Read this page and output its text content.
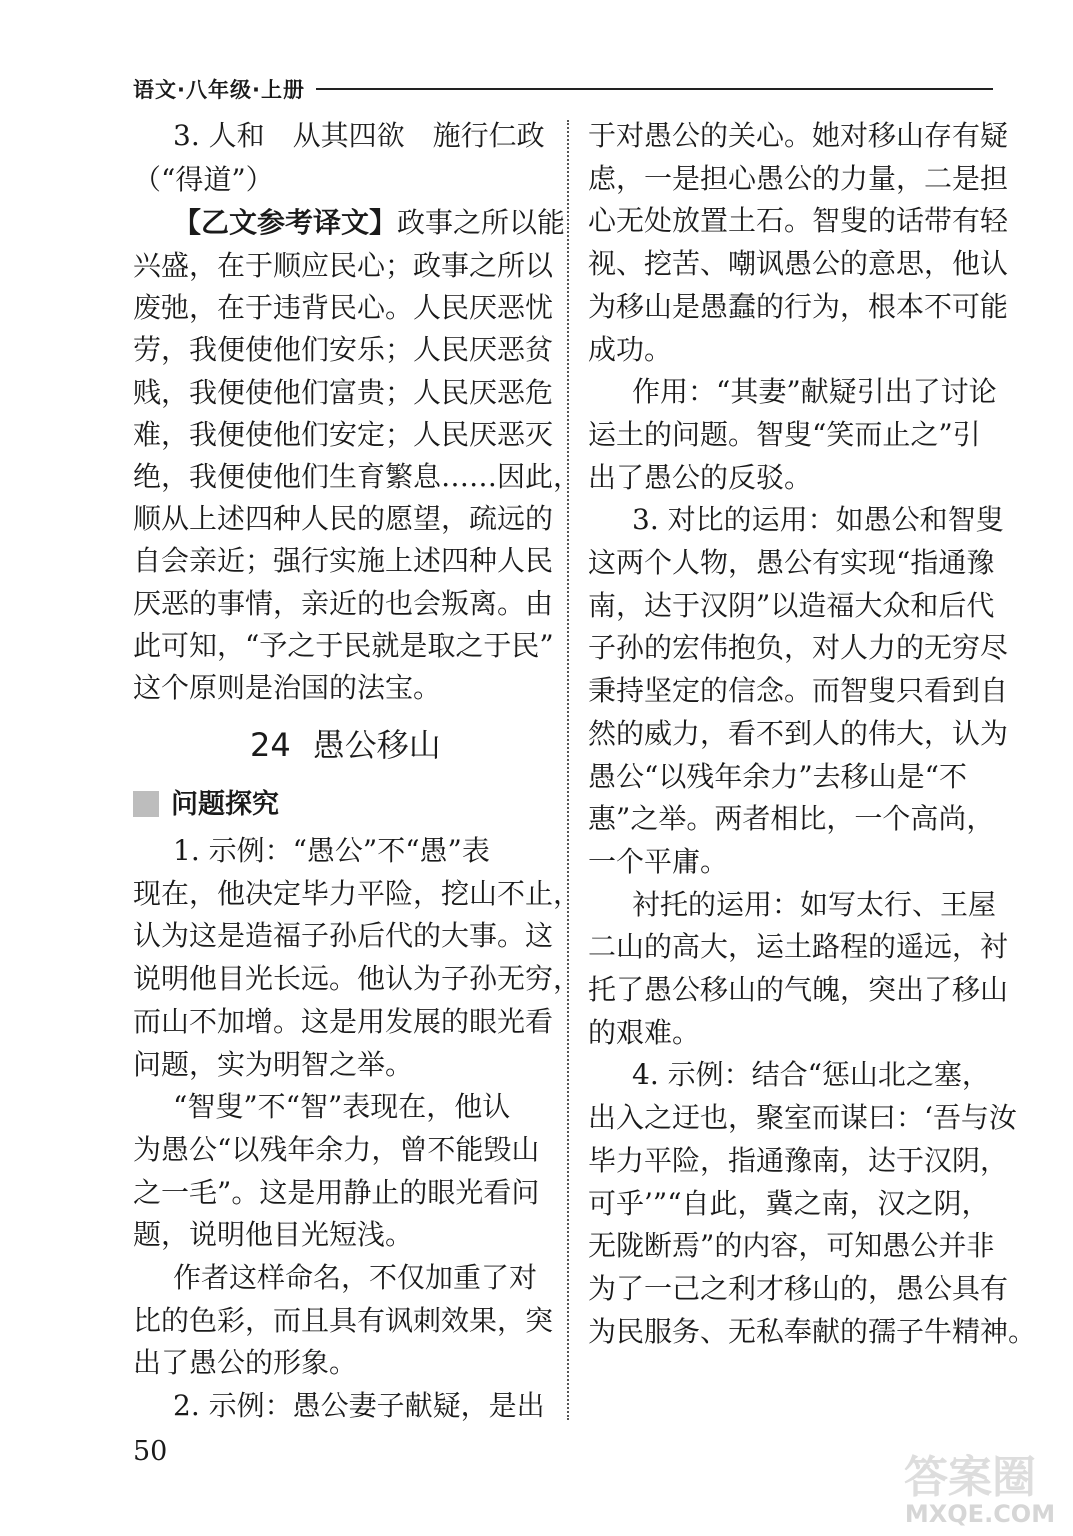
语文·八年级·上册
3. 人和　从其四欲　施行仁政
（“得道”）
【乙文参考译文】政事之所以能
兴盛，在于顺应民心；政事之所以
废弛，在于违背民心。人民厌恶忧
劳，我便使他们安乐；人民厌恶贫
贱，我便使他们富贵；人民厌恶危
难，我便使他们安定；人民厌恶灭
绝，我便使他们生育繁息……因此，
顺从上述四种人民的愿望，疏远的
自会亲近；强行实施上述四种人民
厌恶的事情，亲近的也会叛离。由
此可知，“予之于民就是取之于民”
这个原则是治国的法宝。
24 愚公移山
问题探究
1. 示例：“愚公”不“愚”表
现在，他决定毕力平险，挖山不止，
认为这是造福子孙后代的大事。这
说明他目光长远。他认为子孙无穷，
而山不加增。这是用发展的眼光看
问题，实为明智之举。
“智叟”不“智”表现在，他认
为愚公“以残年余力，曾不能毁山
之一毛”。这是用静止的眼光看问
题，说明他目光短浅。
作者这样命名，不仅加重了对
比的色彩，而且具有讽刺效果，突
出了愚公的形象。
2. 示例：愚公妻子献疑，是出
于对愚公的关心。她对移山存有疑
虑，一是担心愚公的力量，二是担
心无处放置土石。智叟的话带有轻
视、挖苦、嘲讽愚公的意思，他认
为移山是愚蠢的行为，根本不可能
成功。
作用：“其妻”献疑引出了讨论
运土的问题。智叟“笑而止之”引
出了愚公的反驳。
3. 对比的运用：如愚公和智叟
这两个人物，愚公有实现“指通豫
南，达于汉阴”以造福大众和后代
子孙的宏伟抱负，对人力的无穷尽
秉持坚定的信念。而智叟只看到自
然的威力，看不到人的伟大，认为
愚公“以残年余力”去移山是“不
惠”之举。两者相比，一个高尚，
一个平庸。
衬托的运用：如写太行、王屋
二山的高大，运土路程的遥远，衬
托了愚公移山的气魄，突出了移山
的艰难。
4. 示例：结合“惩山北之塞，
出入之迂也，聚室而谋曰：‘吾与汝
毕力平险，指通豫南，达于汉阴，
可乎’”“自此，冀之南，汉之阴，
无陇断焉”的内容，可知愚公并非
为了一己之利才移山的，愚公具有
为民服务、无私奉献的孺子牛精神。
50
答案圈
MXQE.COM
